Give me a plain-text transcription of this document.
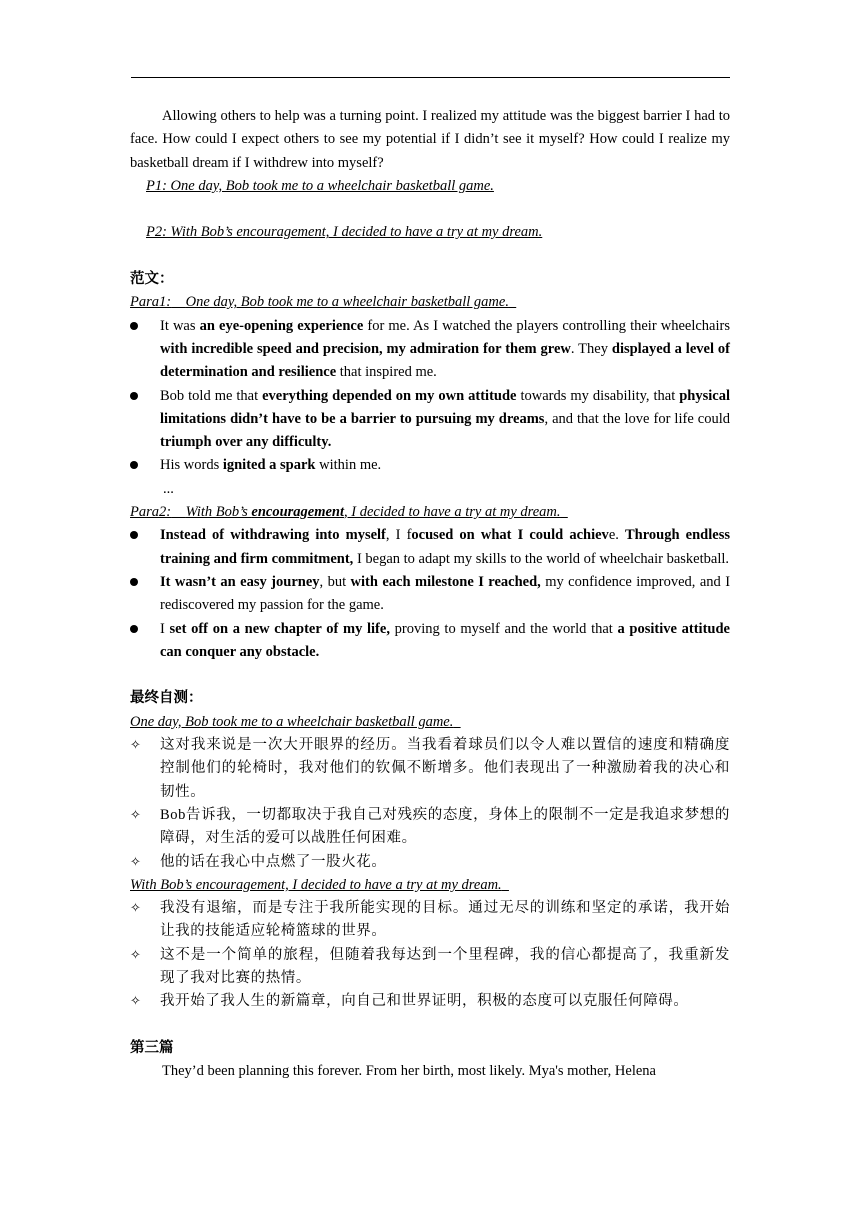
Allowing others to help was a turning point. I realized my attitude was the biggest barrier I had to face. How could I expect others to see my potential if I didn’t see it myself? How could I realize my basketball dream if I withdrew into myself?

P1: One day, Bob took me to a wheelchair basketball game.

P2: With Bob’s encouragement, I decided to have a try at my dream.

范文：

Para1: One day, Bob took me to a wheelchair basketball game.

It was an eye-opening experience for me. As I watched the players controlling their wheelchairs with incredible speed and precision, my admiration for them grew. They displayed a level of determination and resilience that inspired me.

Bob told me that everything depended on my own attitude towards my disability, that physical limitations didn’t have to be a barrier to pursuing my dreams, and that the love for life could triumph over any difficulty.

His words ignited a spark within me.

...

Para2: With Bob’s encouragement, I decided to have a try at my dream.

Instead of withdrawing into myself, I focused on what I could achieve. Through endless training and firm commitment, I began to adapt my skills to the world of wheelchair basketball.

It wasn’t an easy journey, but with each milestone I reached, my confidence improved, and I rediscovered my passion for the game.

I set off on a new chapter of my life, proving to myself and the world that a positive attitude can conquer any obstacle.

最终自测：

One day, Bob took me to a wheelchair basketball game.

✧	这对我来说是一次大开眼界的经历。当我看着球员们以令人难以置信的速度和精确度控制他们的轮椅时，我对他们的钦佩不断增多。他们表现出了一种激励着我的决心和韧性。

✧	Bob告诉我，一切都取决于我自己对残疾的态度，身体上的限制不一定是我追求梦想的障碍，对生活的爱可以战胜任何困难。

✧	他的话在我心中点燃了一股火花。

With Bob’s encouragement, I decided to have a try at my dream.

✧	我没有退缩，而是专注于我所能实现的目标。通过无尽的训练和坚定的承诺，我开始让我的技能适应轮椅篮球的世界。

✧	这不是一个简单的旅程，但随着我每达到一个里程碑，我的信心都提高了，我重新发现了我对比赛的热情。

✧	我开始了我人生的新篇章，向自己和世界证明，积极的态度可以克服任何障碍。

第三篇

They’d been planning this forever. From her birth, most likely. Mya's mother, Helena
